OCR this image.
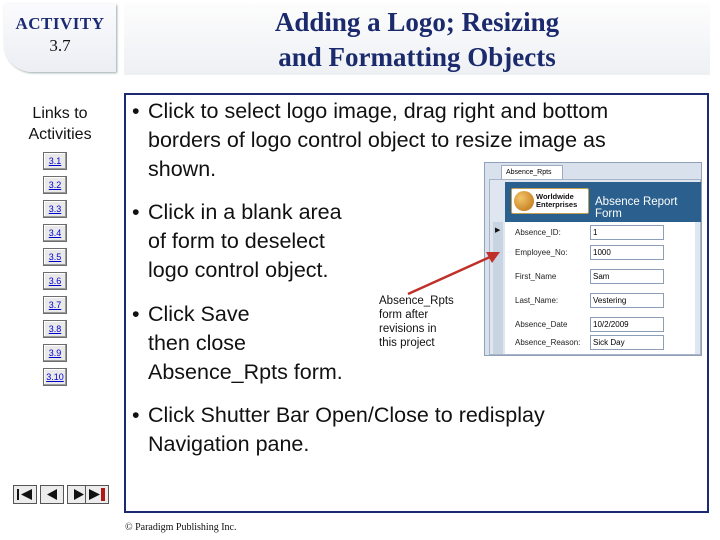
ACTIVITY
3.7
Links to
Activities
3.1
3.2
3.3
3.4
3.5
3.6
3.7
3.8
3.9
3.10
Adding a Logo; Resizing
and Formatting Objects
• Click to select logo image, drag right and bottom
borders of logo control object to resize image as
shown.
• Click in a blank area
of form to deselect
logo control object.
• Click Save
then close
Absence_Rpts form.
• Click Shutter Bar Open/Close to redisplay
Navigation pane.
Absence_Rpts
form after
revisions in
this project
Absence_Rpts
Worldwide
Enterprises Absence Report Form
▶ Absence_ID:	1
Employee_No:	1000
First_Name	Sam
Last_Name:	Vestering
Absence_Date	10/2/2009
Absence_Reason:	Sick Day
© Paradigm Publishing Inc.
